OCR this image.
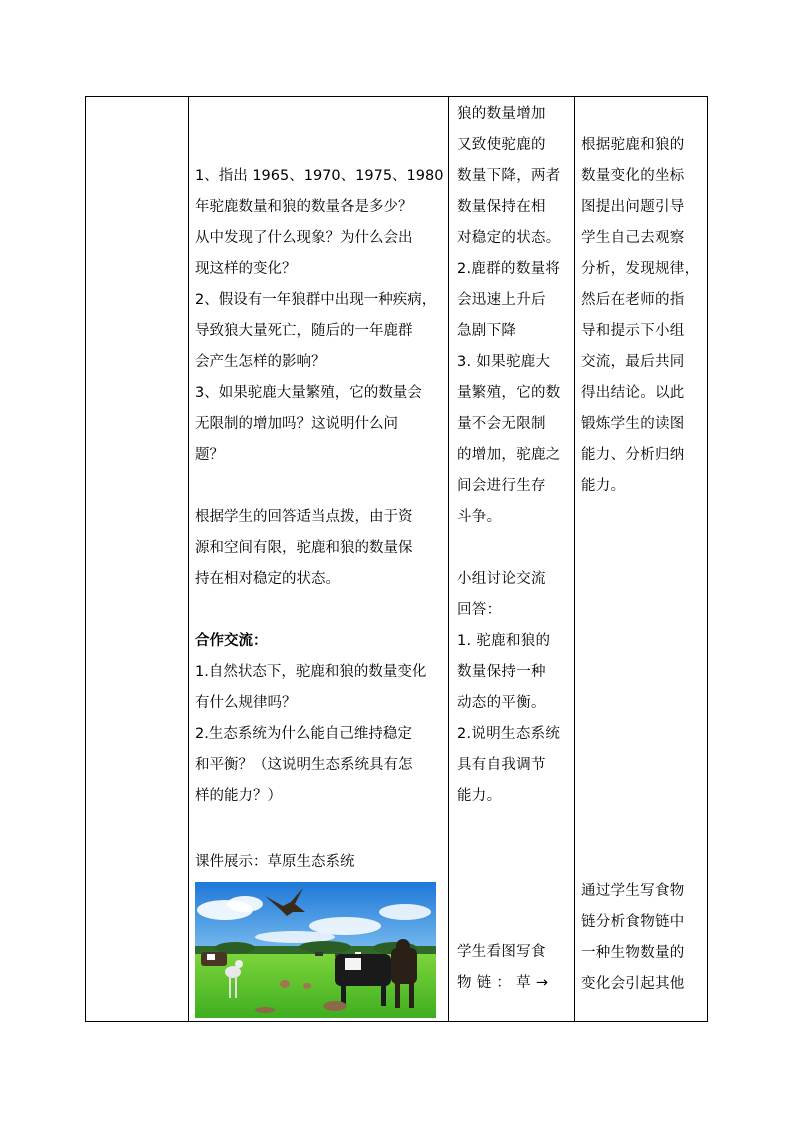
1、指出 1965、1970、1975、1980
年驼鹿数量和狼的数量各是多少？
从中发现了什么现象？为什么会出
现这样的变化？
2、假设有一年狼群中出现一种疾病，
导致狼大量死亡，随后的一年鹿群
会产生怎样的影响？
3、如果驼鹿大量繁殖，它的数量会
无限制的增加吗？这说明什么问
题？
根据学生的回答适当点拨，由于资
源和空间有限，驼鹿和狼的数量保
持在相对稳定的状态。
合作交流：
1.自然状态下，驼鹿和狼的数量变化
有什么规律吗？
2.生态系统为什么能自己维持稳定
和平衡？（这说明生态系统具有怎
样的能力？）
课件展示：草原生态系统
狼的数量增加
又致使驼鹿的
数量下降，两者
数量保持在相
对稳定的状态。
2.鹿群的数量将
会迅速上升后
急剧下降
3. 如果驼鹿大
量繁殖，它的数
量不会无限制
的增加，驼鹿之
间会进行生存
斗争。
小组讨论交流
回答：
1. 驼鹿和狼的
数量保持一种
动态的平衡。
2.说明生态系统
具有自我调节
能力。
学生看图写食
物 链 ： 草 →
根据驼鹿和狼的
数量变化的坐标
图提出问题引导
学生自己去观察
分析，发现规律，
然后在老师的指
导和提示下小组
交流，最后共同
得出结论。以此
锻炼学生的读图
能力、分析归纳
能力。
通过学生写食物
链分析食物链中
一种生物数量的
变化会引起其他
